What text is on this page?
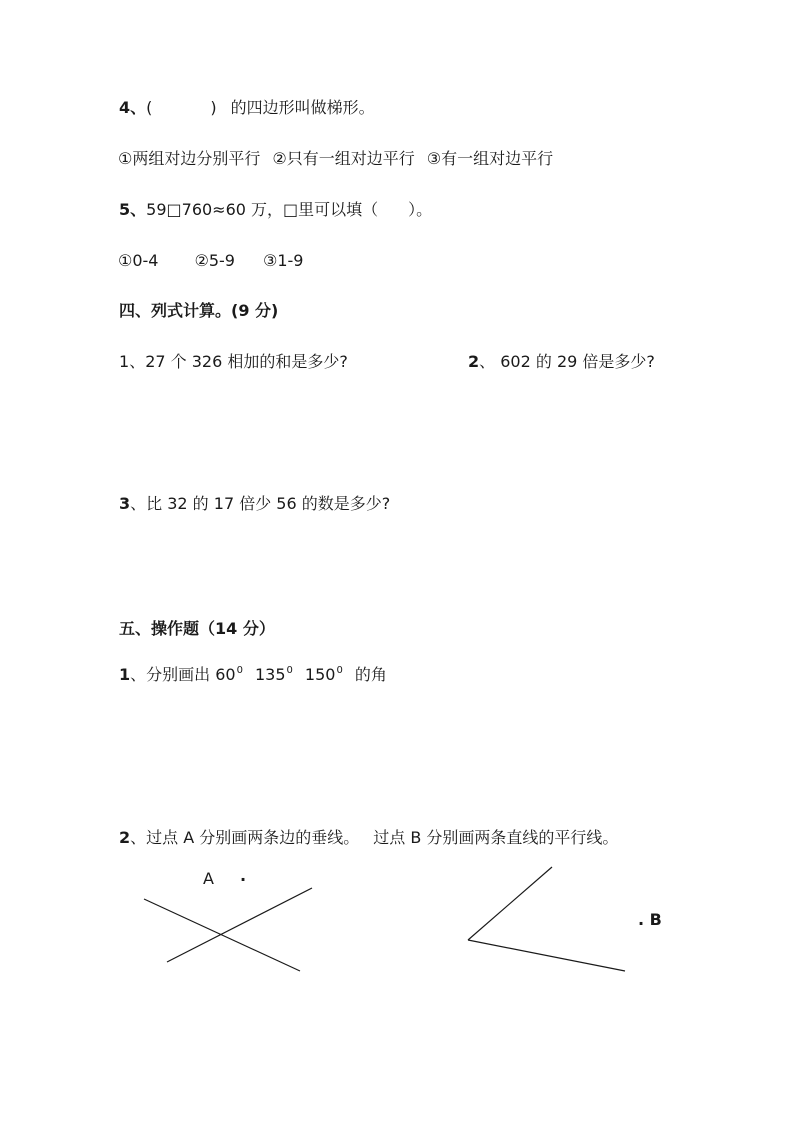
4、(	) 的四边形叫做梯形。
①两组对边分别平行 ②只有一组对边平行 ③有一组对边平行
5、59□760≈60 万，□里可以填（ ）。
①0-4 ②5-9 ③1-9
四、列式计算。(9 分)
1、27 个 326 相加的和是多少?	2、 602 的 29 倍是多少?
3、比 32 的 17 倍少 56 的数是多少?
五、操作题（14 分）
1、分别画出 $60^0$ $135^0$ $150^0$ 的角
2、过点 A 分别画两条边的垂线。 过点 B 分别画两条直线的平行线。
A .
. B
